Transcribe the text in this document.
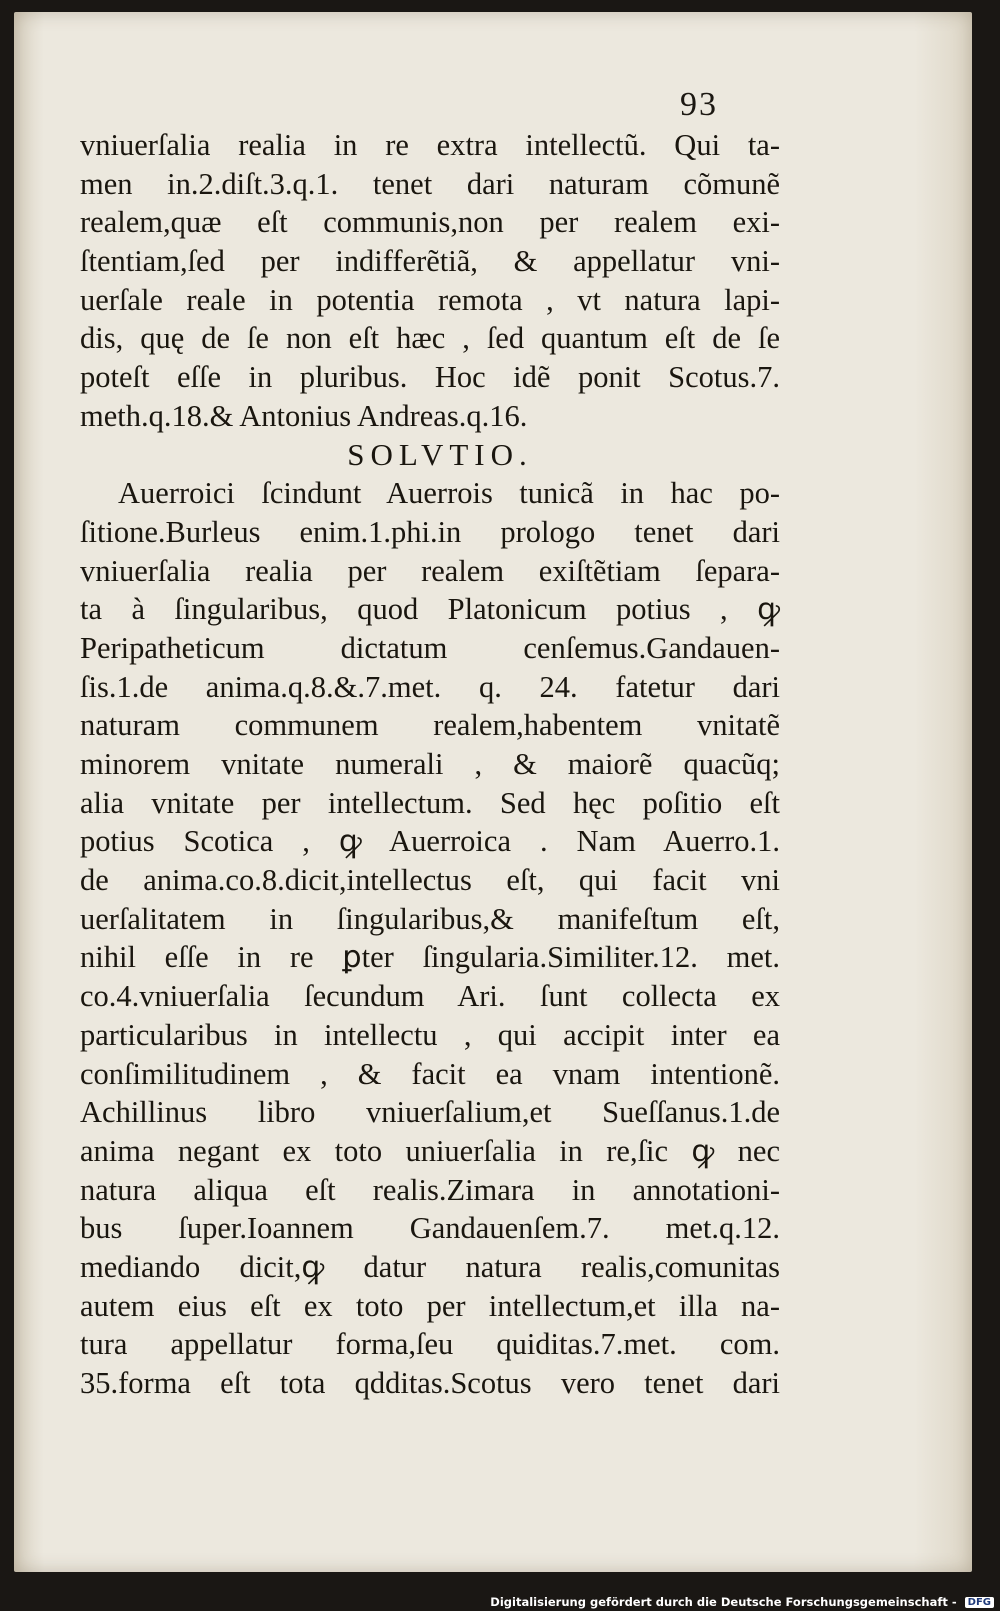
93
vniuerſalia realia in re extra intellectũ. Qui ta-
men in.2.diſt.3.q.1. tenet dari naturam cõmunẽ
realem,quæ eſt communis,non per realem exi-
ſtentiam,ſed per indifferẽtiã, & appellatur vni-
uerſale reale in potentia remota , vt natura lapi-
dis, quę de ſe non eſt hæc , ſed quantum eſt de ſe
poteſt eſſe in pluribus. Hoc idẽ ponit Scotus.7.
meth.q.18.& Antonius Andreas.q.16.
SOLVTIO.
Auerroici ſcindunt Auerrois tunicã in hac po-
ſitione.Burleus enim.1.phi.in prologo tenet dari
vniuerſalia realia per realem exiſtẽtiam ſepara-
ta à ſingularibus, quod Platonicum potius , ꝙ
Peripatheticum dictatum cenſemus.Gandauen-
ſis.1.de anima.q.8.&.7.met. q. 24. fatetur dari
naturam communem realem,habentem vnitatẽ
minorem vnitate numerali , & maiorẽ quacũq;
alia vnitate per intellectum. Sed hęc poſitio eſt
potius Scotica , ꝙ Auerroica . Nam Auerro.1.
de anima.co.8.dicit,intellectus eſt, qui facit vni
uerſalitatem in ſingularibus,& manifeſtum eſt,
nihil eſſe in re ꝑter ſingularia.Similiter.12. met.
co.4.vniuerſalia ſecundum Ari. ſunt collecta ex
particularibus in intellectu , qui accipit inter ea
conſimilitudinem , & facit ea vnam intentionẽ.
Achillinus libro vniuerſalium,et Sueſſanus.1.de
anima negant ex toto uniuerſalia in re,ſic ꝙ nec
natura aliqua eſt realis.Zimara in annotationi-
bus ſuper.Ioannem Gandauenſem.7. met.q.12.
mediando dicit,ꝙ datur natura realis,comunitas
autem eius eſt ex toto per intellectum,et illa na-
tura appellatur forma,ſeu quiditas.7.met. com.
35.forma eſt tota qdditas.Scotus vero tenet dari
Digitalisierung gefördert durch die Deutsche Forschungsgemeinschaft - DFG
